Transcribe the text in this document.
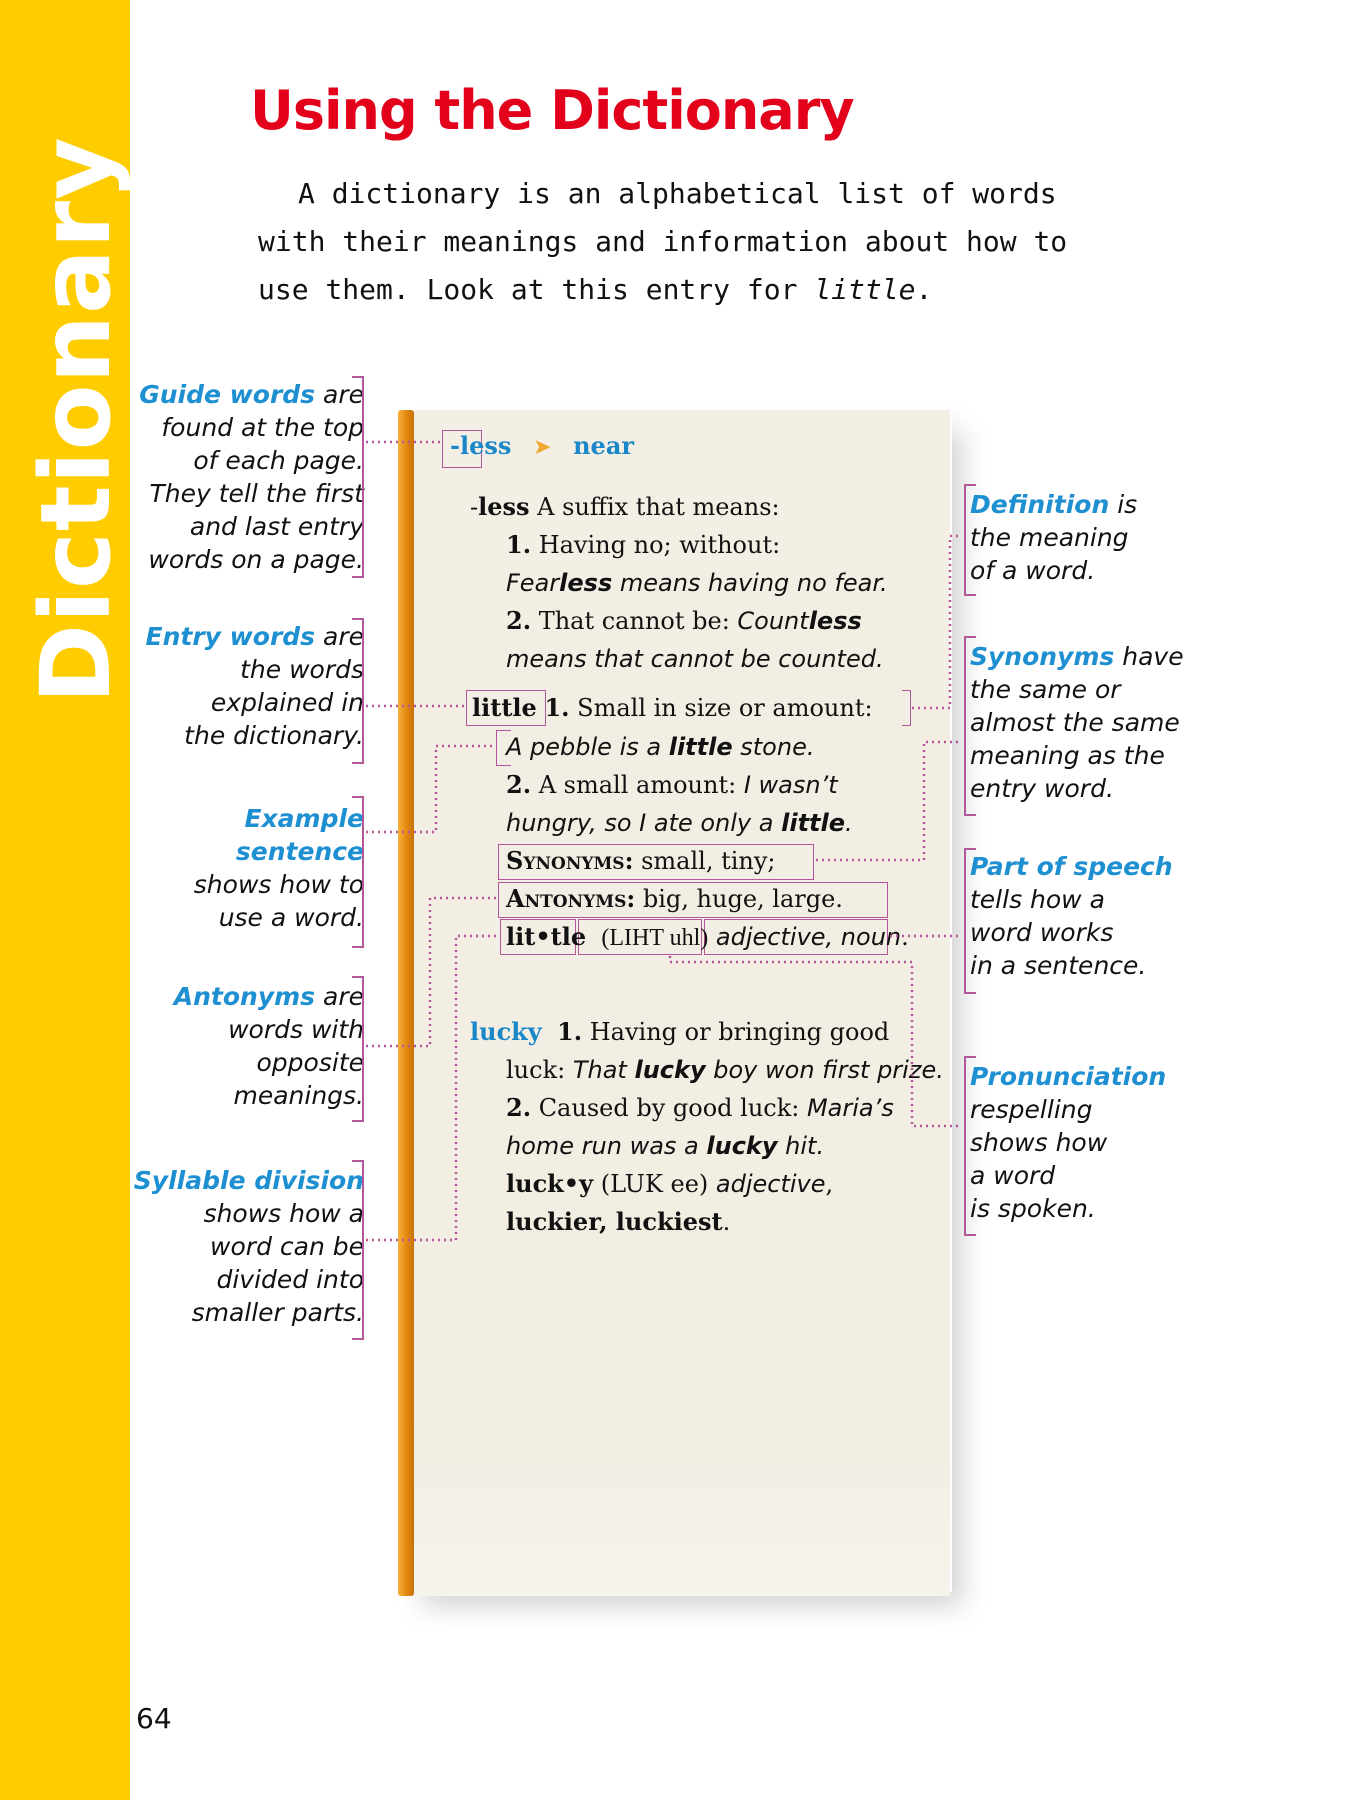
Dictionary
64
Using the Dictionary

A dictionary is an alphabetical list of words with their meanings and information about how to use them. Look at this entry for little.

-less ➤ near
-less A suffix that means:
1. Having no; without:
Fearless means having no fear.
2. That cannot be: Countless
means that cannot be counted.
little 1. Small in size or amount:
A pebble is a little stone.
2. A small amount: I wasn’t
hungry, so I ate only a little.
Synonyms: small, tiny;
Antonyms: big, huge, large.
lit•tle (LIHT uhl) adjective, noun.
lucky 1. Having or bringing good
luck: That lucky boy won first prize.
2. Caused by good luck: Maria’s
home run was a lucky hit.
luck•y (LUK ee) adjective,
luckier, luckiest.
Guide words are
found at the top
of each page.
They tell the first
and last entry
words on a page.
Entry words are
the words
explained in
the dictionary.
Example
sentence
shows how to
use a word.
Antonyms are
words with
opposite
meanings.
Syllable division
shows how a
word can be
divided into
smaller parts.
Definition is
the meaning
of a word.
Synonyms have
the same or
almost the same
meaning as the
entry word.
Part of speech
tells how a
word works
in a sentence.
Pronunciation
respelling
shows how
a word
is spoken.
